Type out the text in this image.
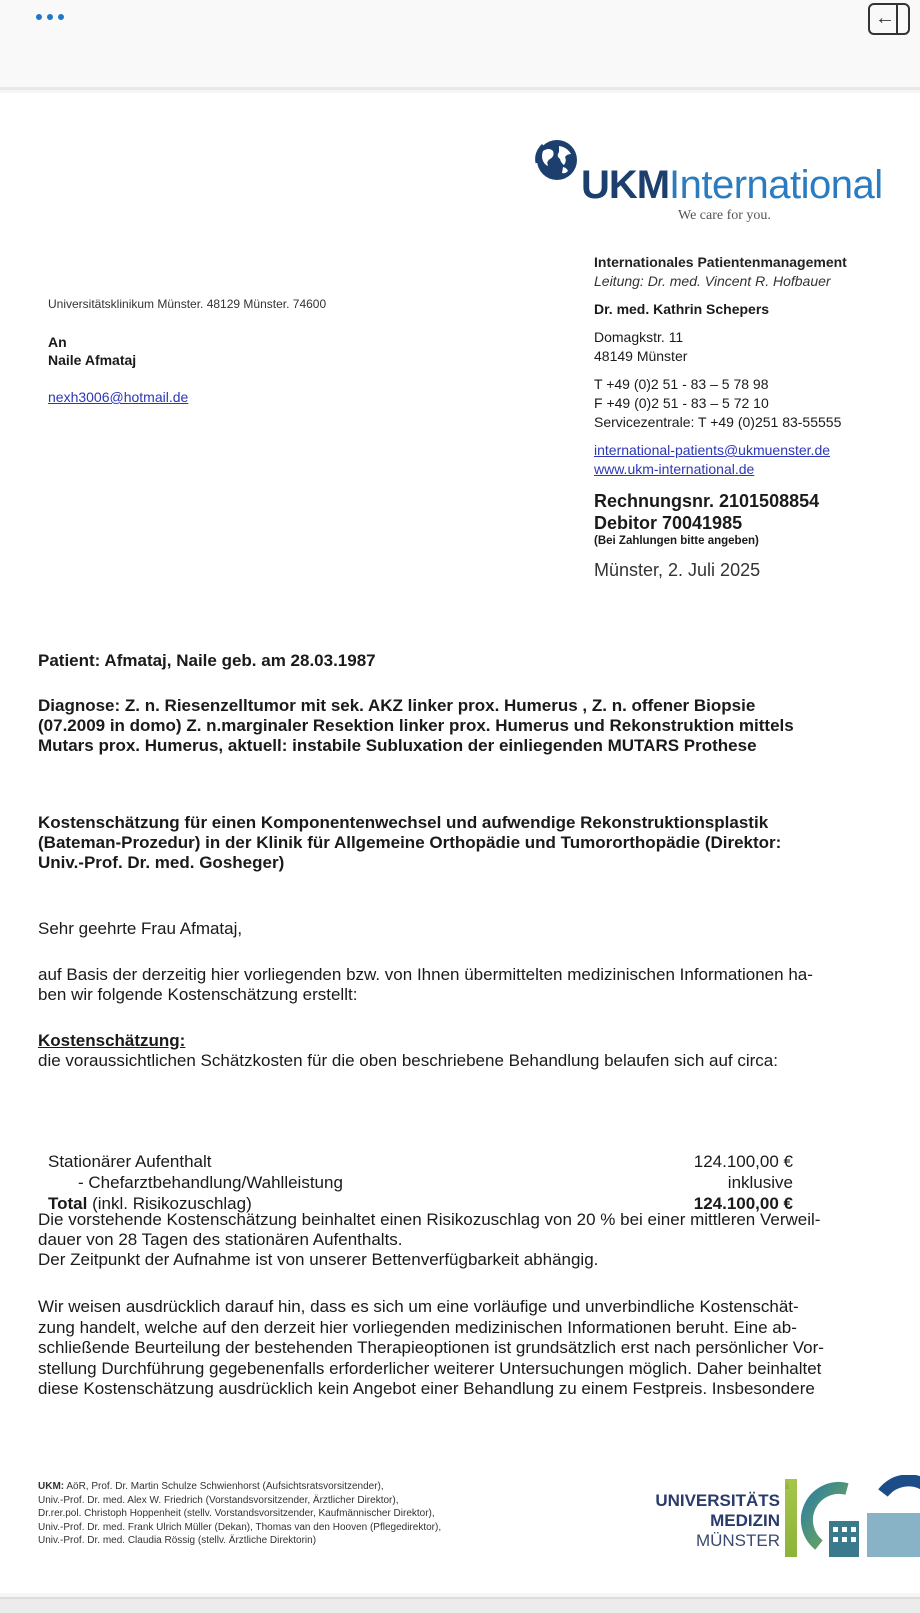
←
UKM International
We care for you.
Internationales Patientenmanagement
Leitung: Dr. med. Vincent R. Hofbauer
Dr. med. Kathrin Schepers
Domagkstr. 11
48149 Münster
T +49 (0)2 51 - 83 – 5 78 98
F +49 (0)2 51 - 83 – 5 72 10
Servicezentrale: T +49 (0)251 83-55555
international-patients@ukmuenster.de
www.ukm-international.de
Rechnungsnr. 2101508854
Debitor 70041985
(Bei Zahlungen bitte angeben)
Münster, 2. Juli 2025
Universitätsklinikum Münster. 48129 Münster. 74600
An
Naile Afmataj
nexh3006@hotmail.de
Patient: Afmataj, Naile geb. am 28.03.1987
Diagnose: Z. n. Riesenzelltumor mit sek. AKZ linker prox. Humerus , Z. n. offener Biopsie
(07.2009 in domo) Z. n.marginaler Resektion linker prox. Humerus und Rekonstruktion mittels
Mutars prox. Humerus, aktuell: instabile Subluxation der einliegenden MUTARS Prothese
Kostenschätzung für einen Komponentenwechsel und aufwendige Rekonstruktionsplastik
(Bateman-Prozedur) in der Klinik für Allgemeine Orthopädie und Tumororthopädie (Direktor:
Univ.-Prof. Dr. med. Gosheger)
Sehr geehrte Frau Afmataj,
auf Basis der derzeitig hier vorliegenden bzw. von Ihnen übermittelten medizinischen Informationen ha-
ben wir folgende Kostenschätzung erstellt:
Kostenschätzung:
die voraussichtlichen Schätzkosten für die oben beschriebene Behandlung belaufen sich auf circa:
Stationärer Aufenthalt	124.100,00 €
- Chefarztbehandlung/Wahlleistung	inklusive
Total (inkl. Risikozuschlag)	124.100,00 €
Die vorstehende Kostenschätzung beinhaltet einen Risikozuschlag von 20 % bei einer mittleren Verweil-
dauer von 28 Tagen des stationären Aufenthalts.
Der Zeitpunkt der Aufnahme ist von unserer Bettenverfügbarkeit abhängig.
Wir weisen ausdrücklich darauf hin, dass es sich um eine vorläufige und unverbindliche Kostenschät-
zung handelt, welche auf den derzeit hier vorliegenden medizinischen Informationen beruht. Eine ab-
schließende Beurteilung der bestehenden Therapieoptionen ist grundsätzlich erst nach persönlicher Vor-
stellung Durchführung gegebenenfalls erforderlicher weiterer Untersuchungen möglich. Daher beinhaltet
diese Kostenschätzung ausdrücklich kein Angebot einer Behandlung zu einem Festpreis. Insbesondere
UKM: AöR, Prof. Dr. Martin Schulze Schwienhorst (Aufsichtsratsvorsitzender),
Univ.-Prof. Dr. med. Alex W. Friedrich (Vorstandsvorsitzender, Ärztlicher Direktor),
Dr.rer.pol. Christoph Hoppenheit (stellv. Vorstandsvorsitzender, Kaufmännischer Direktor),
Univ.-Prof. Dr. med. Frank Ulrich Müller (Dekan), Thomas van den Hooven (Pflegedirektor),
Univ.-Prof. Dr. med. Claudia Rössig (stellv. Ärztliche Direktorin)
UNIVERSITÄTS
MEDIZIN
MÜNSTER
